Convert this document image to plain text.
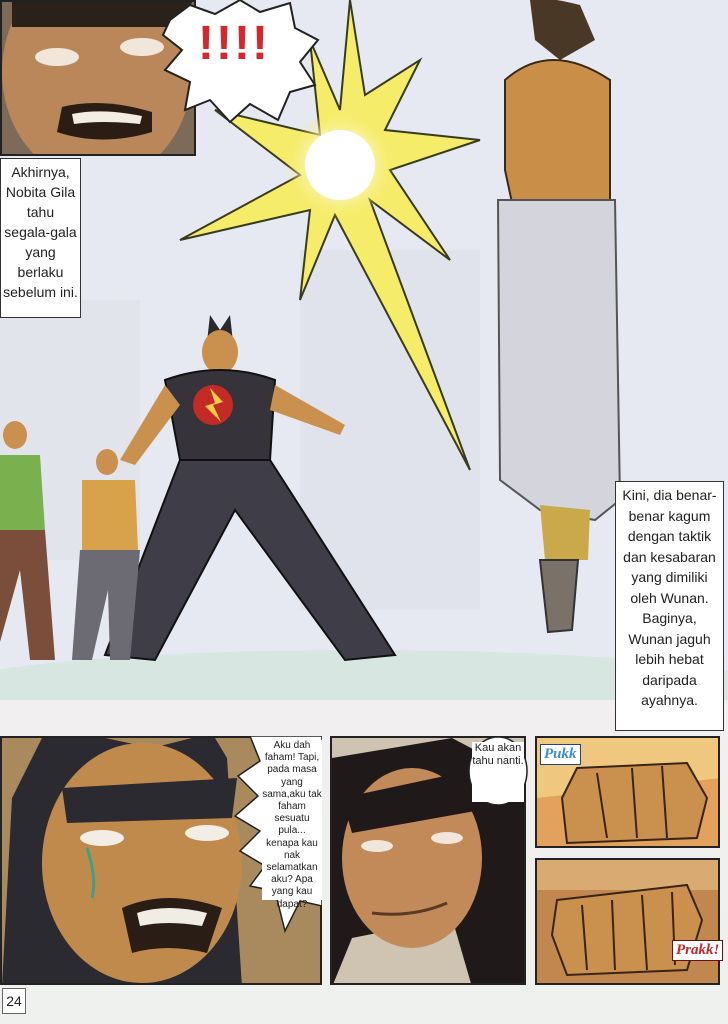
!!!!
Akhirnya, Nobita Gila tahu segala-gala yang berlaku sebelum ini.
Kini, dia benar-benar kagum dengan taktik dan kesabaran yang dimiliki oleh Wunan. Baginya, Wunan jaguh lebih hebat daripada ayahnya.
Aku dah faham! Tapi, pada masa yang sama,aku tak faham sesuatu pula... kenapa kau nak selamatkan aku? Apa yang kau dapat?
Kau akan tahu nanti. Pukk
Prakk!
24
